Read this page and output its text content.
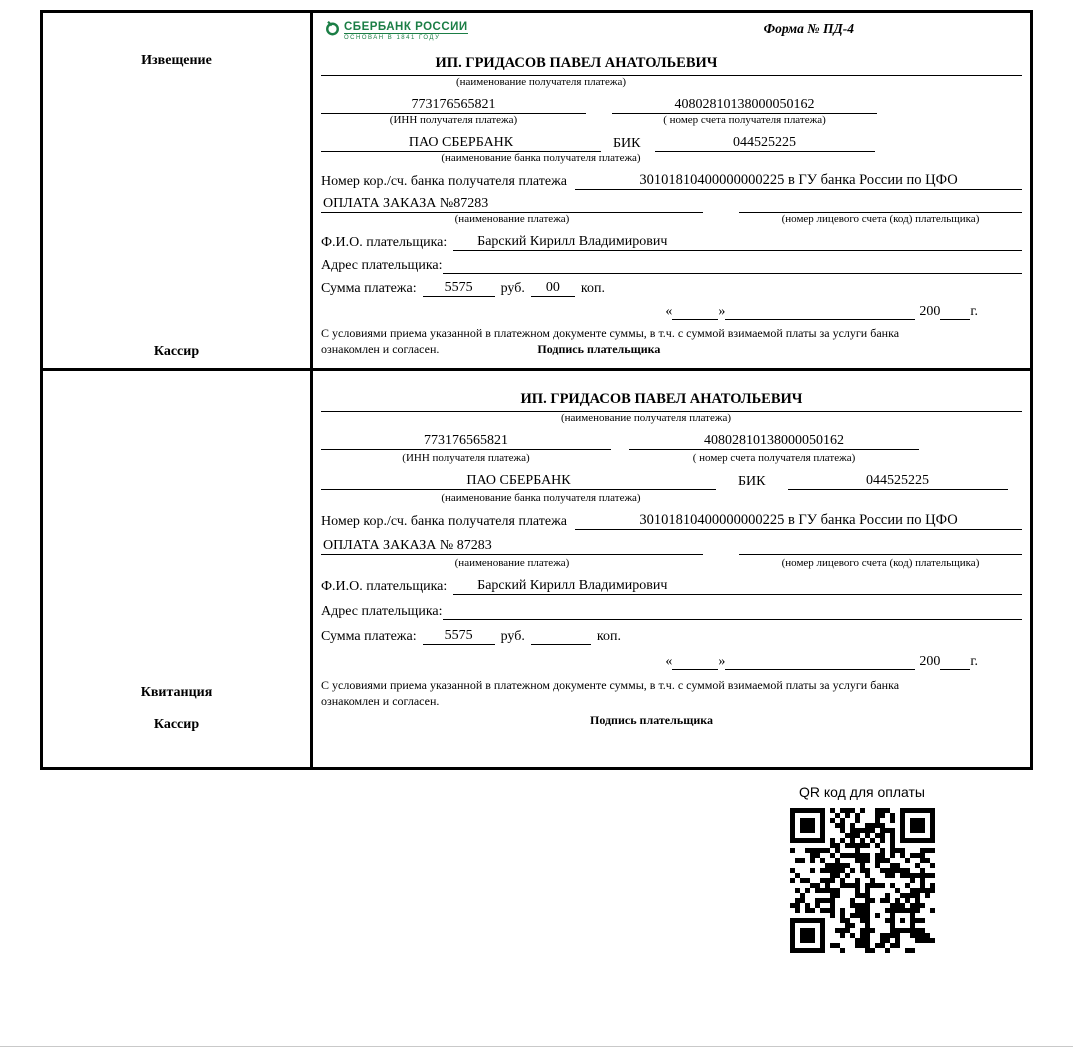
Извещение
Кассир
СБЕРБАНК РОССИИ
ОСНОВАН В 1841 ГОДУ
Форма № ПД-4
ИП. ГРИДАСОВ ПАВЕЛ АНАТОЛЬЕВИЧ
(наименование получателя платежа)
773176565821	40802810138000050162
(ИНН получателя платежа)	( номер счета получателя платежа)
ПАО СБЕРБАНК	БИК	044525225
(наименование банка получателя платежа)
Номер кор./сч. банка получателя платежа	30101810400000000225 в ГУ банка России по ЦФО
ОПЛАТА ЗАКАЗА №87283
(наименование платежа)	(номер лицевого счета (код) плательщика)
Ф.И.О. плательщика:	Барский Кирилл Владимирович
Адрес плательщика:
Сумма платежа:	5575	руб.	00	коп.
«	»	200 г.
С условиями приема указанной в платежном документе суммы, в т.ч. с суммой взимаемой платы за услуги банка
ознакомлен и согласен.	Подпись плательщика
Квитанция
Кассир
ИП. ГРИДАСОВ ПАВЕЛ АНАТОЛЬЕВИЧ
(наименование получателя платежа)
773176565821	40802810138000050162
(ИНН получателя платежа)	( номер счета получателя платежа)
ПАО СБЕРБАНК	БИК	044525225
(наименование банка получателя платежа)
Номер кор./сч. банка получателя платежа	30101810400000000225 в ГУ банка России по ЦФО
ОПЛАТА ЗАКАЗА № 87283
(наименование платежа)	(номер лицевого счета (код) плательщика)
Ф.И.О. плательщика:	Барский Кирилл Владимирович
Адрес плательщика:
Сумма платежа:	5575	руб.	коп.
«	»	200 г.
С условиями приема указанной в платежном документе суммы, в т.ч. с суммой взимаемой платы за услуги банка
ознакомлен и согласен.
Подпись плательщика
QR код для оплаты
